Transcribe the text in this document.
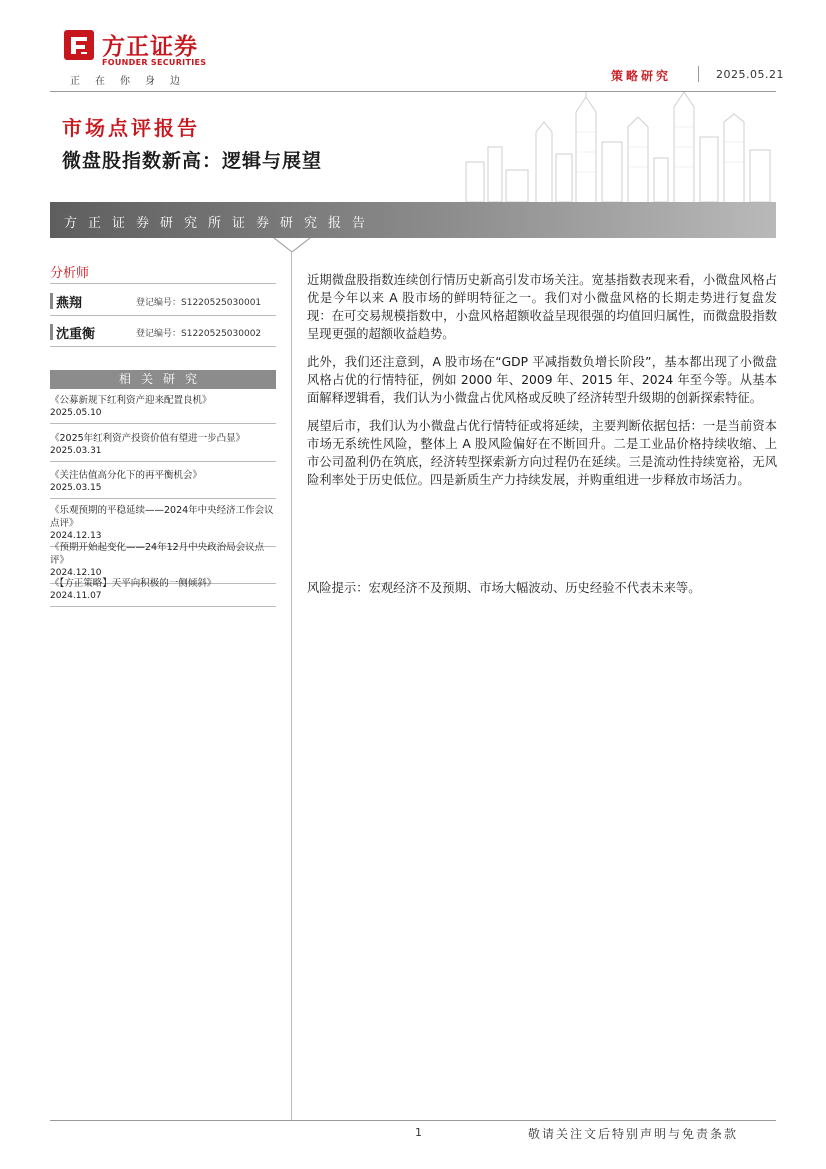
方正证券
FOUNDER SECURITIES
正在你身边	策略研究	2025.05.21
市场点评报告
微盘股指数新高：逻辑与展望
方正证券研究所证券研究报告
分析师
燕翔	登记编号：S1220525030001
沈重衡	登记编号：S1220525030002
相关研究
《公募新规下红利资产迎来配置良机》
2025.05.10
《2025年红利资产投资价值有望进一步凸显》
2025.03.31
《关注估值高分化下的再平衡机会》
2025.03.15
《乐观预期的平稳延续——2024年中央经济工作会议点评》
2024.12.13
《预期开始起变化——24年12月中央政治局会议点评》
2024.12.10
《【方正策略】天平向积极的一侧倾斜》
2024.11.07

近期微盘股指数连续创行情历史新高引发市场关注。宽基指数表现来看，小微盘风格占优是今年以来 A 股市场的鲜明特征之一。我们对小微盘风格的长期走势进行复盘发现：在可交易规模指数中，小盘风格超额收益呈现很强的均值回归属性，而微盘股指数呈现更强的超额收益趋势。

此外，我们还注意到，A 股市场在“GDP 平减指数负增长阶段”，基本都出现了小微盘风格占优的行情特征，例如 2000 年、2009 年、2015 年、2024 年至今等。从基本面解释逻辑看，我们认为小微盘占优风格或反映了经济转型升级期的创新探索特征。

展望后市，我们认为小微盘占优行情特征或将延续，主要判断依据包括：一是当前资本市场无系统性风险，整体上 A 股风险偏好在不断回升。二是工业品价格持续收缩、上市公司盈利仍在筑底，经济转型探索新方向过程仍在延续。三是流动性持续宽裕，无风险利率处于历史低位。四是新质生产力持续发展，并购重组进一步释放市场活力。

风险提示：宏观经济不及预期、市场大幅波动、历史经验不代表未来等。
1	敬请关注文后特别声明与免责条款
